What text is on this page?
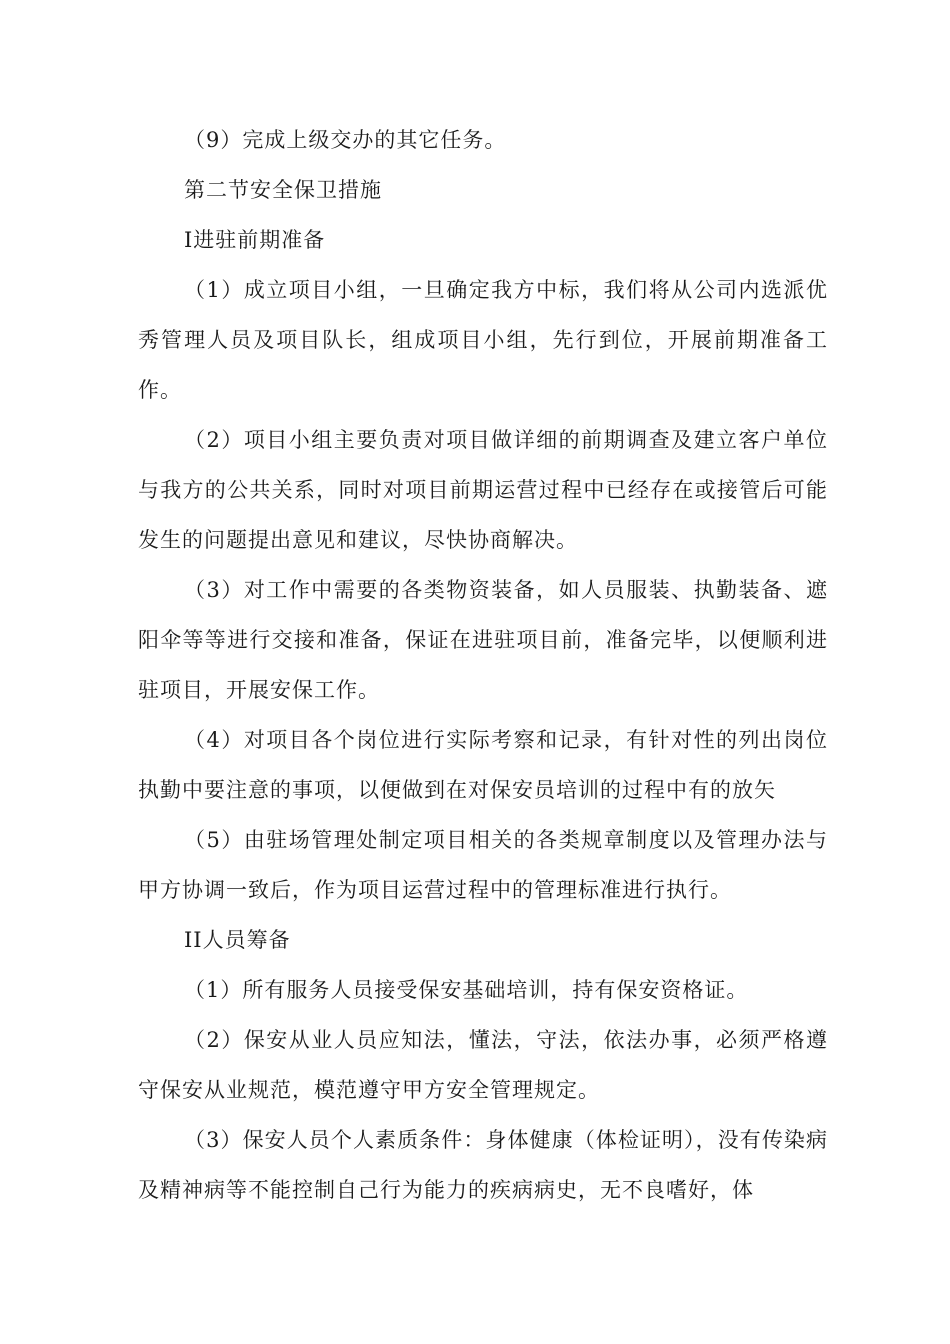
（9）完成上级交办的其它任务。

第二节安全保卫措施

I进驻前期准备

（1）成立项目小组，一旦确定我方中标，我们将从公司内选派优秀管理人员及项目队长，组成项目小组，先行到位，开展前期准备工作。

（2）项目小组主要负责对项目做详细的前期调查及建立客户单位与我方的公共关系，同时对项目前期运营过程中已经存在或接管后可能发生的问题提出意见和建议，尽快协商解决。

（3）对工作中需要的各类物资装备，如人员服装、执勤装备、遮阳伞等等进行交接和准备，保证在进驻项目前，准备完毕，以便顺利进驻项目，开展安保工作。

（4）对项目各个岗位进行实际考察和记录，有针对性的列出岗位执勤中要注意的事项，以便做到在对保安员培训的过程中有的放矢

（5）由驻场管理处制定项目相关的各类规章制度以及管理办法与甲方协调一致后，作为项目运营过程中的管理标准进行执行。

II人员筹备

（1）所有服务人员接受保安基础培训，持有保安资格证。

（2）保安从业人员应知法，懂法，守法，依法办事，必须严格遵守保安从业规范，模范遵守甲方安全管理规定。

（3）保安人员个人素质条件：身体健康（体检证明），没有传染病及精神病等不能控制自己行为能力的疾病病史，无不良嗜好，体
